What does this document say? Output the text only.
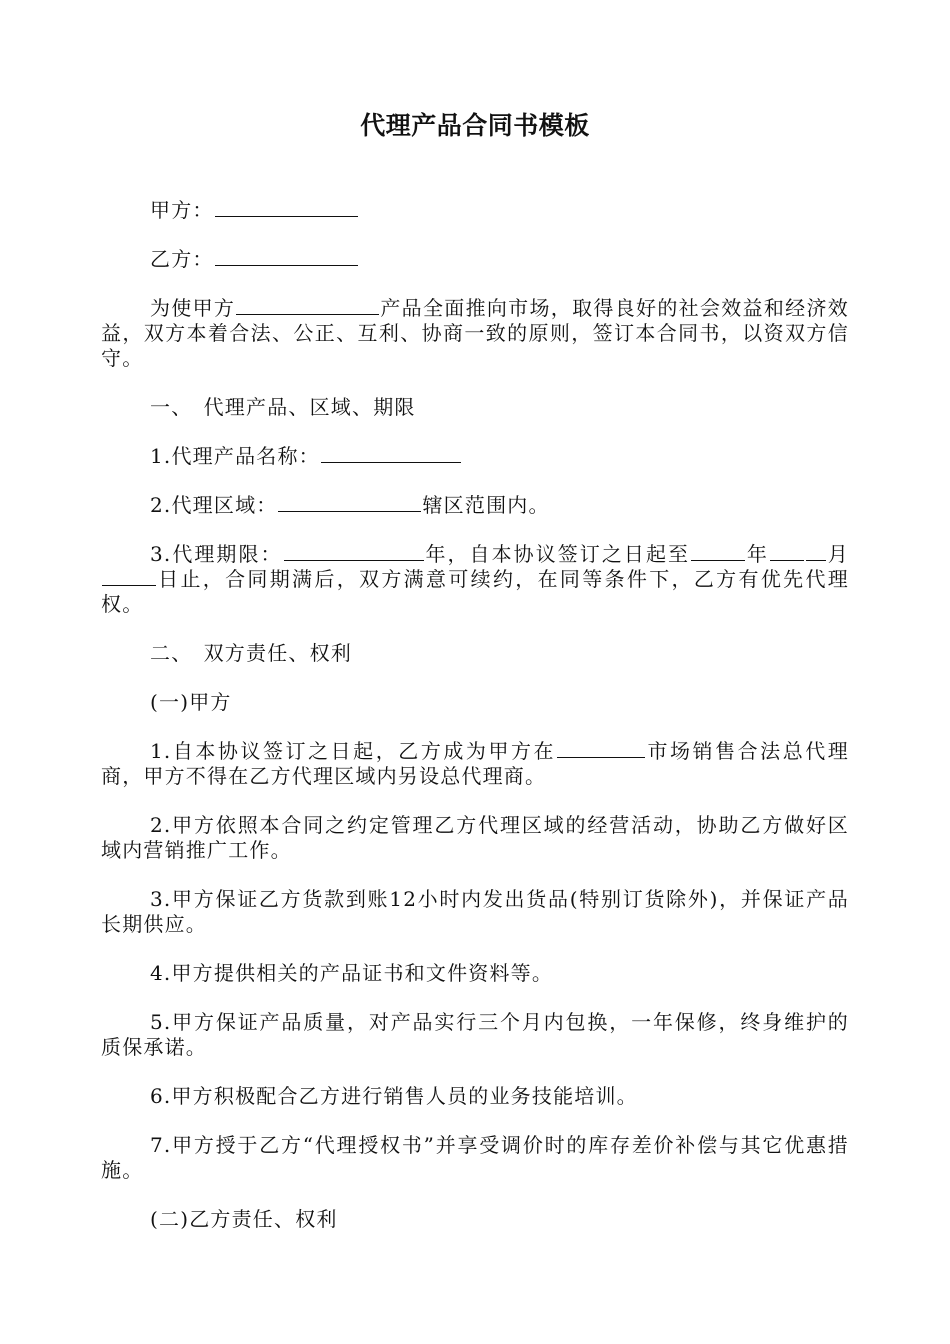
代理产品合同书模板

甲方：

乙方：

为使甲方	产品全面推向市场，取得良好的社会效益和经济效益，双方本着合法、公正、互利、协商一致的原则，签订本合同书，以资双方信守。

一、　代理产品、区域、期限

1.代理产品名称：

2.代理区域：	辖区范围内。

3.代理期限：	年，自本协议签订之日起至	年	月日止，合同期满后，双方满意可续约，在同等条件下，乙方有优先代理权。

二、　双方责任、权利

(一)甲方

1.自本协议签订之日起，乙方成为甲方在	市场销售合法总代理商，甲方不得在乙方代理区域内另设总代理商。

2.甲方依照本合同之约定管理乙方代理区域的经营活动，协助乙方做好区域内营销推广工作。

3.甲方保证乙方货款到账12小时内发出货品(特别订货除外)，并保证产品长期供应。

4.甲方提供相关的产品证书和文件资料等。

5.甲方保证产品质量，对产品实行三个月内包换，一年保修，终身维护的质保承诺。

6.甲方积极配合乙方进行销售人员的业务技能培训。

7.甲方授于乙方“代理授权书”并享受调价时的库存差价补偿与其它优惠措施。

(二)乙方责任、权利
